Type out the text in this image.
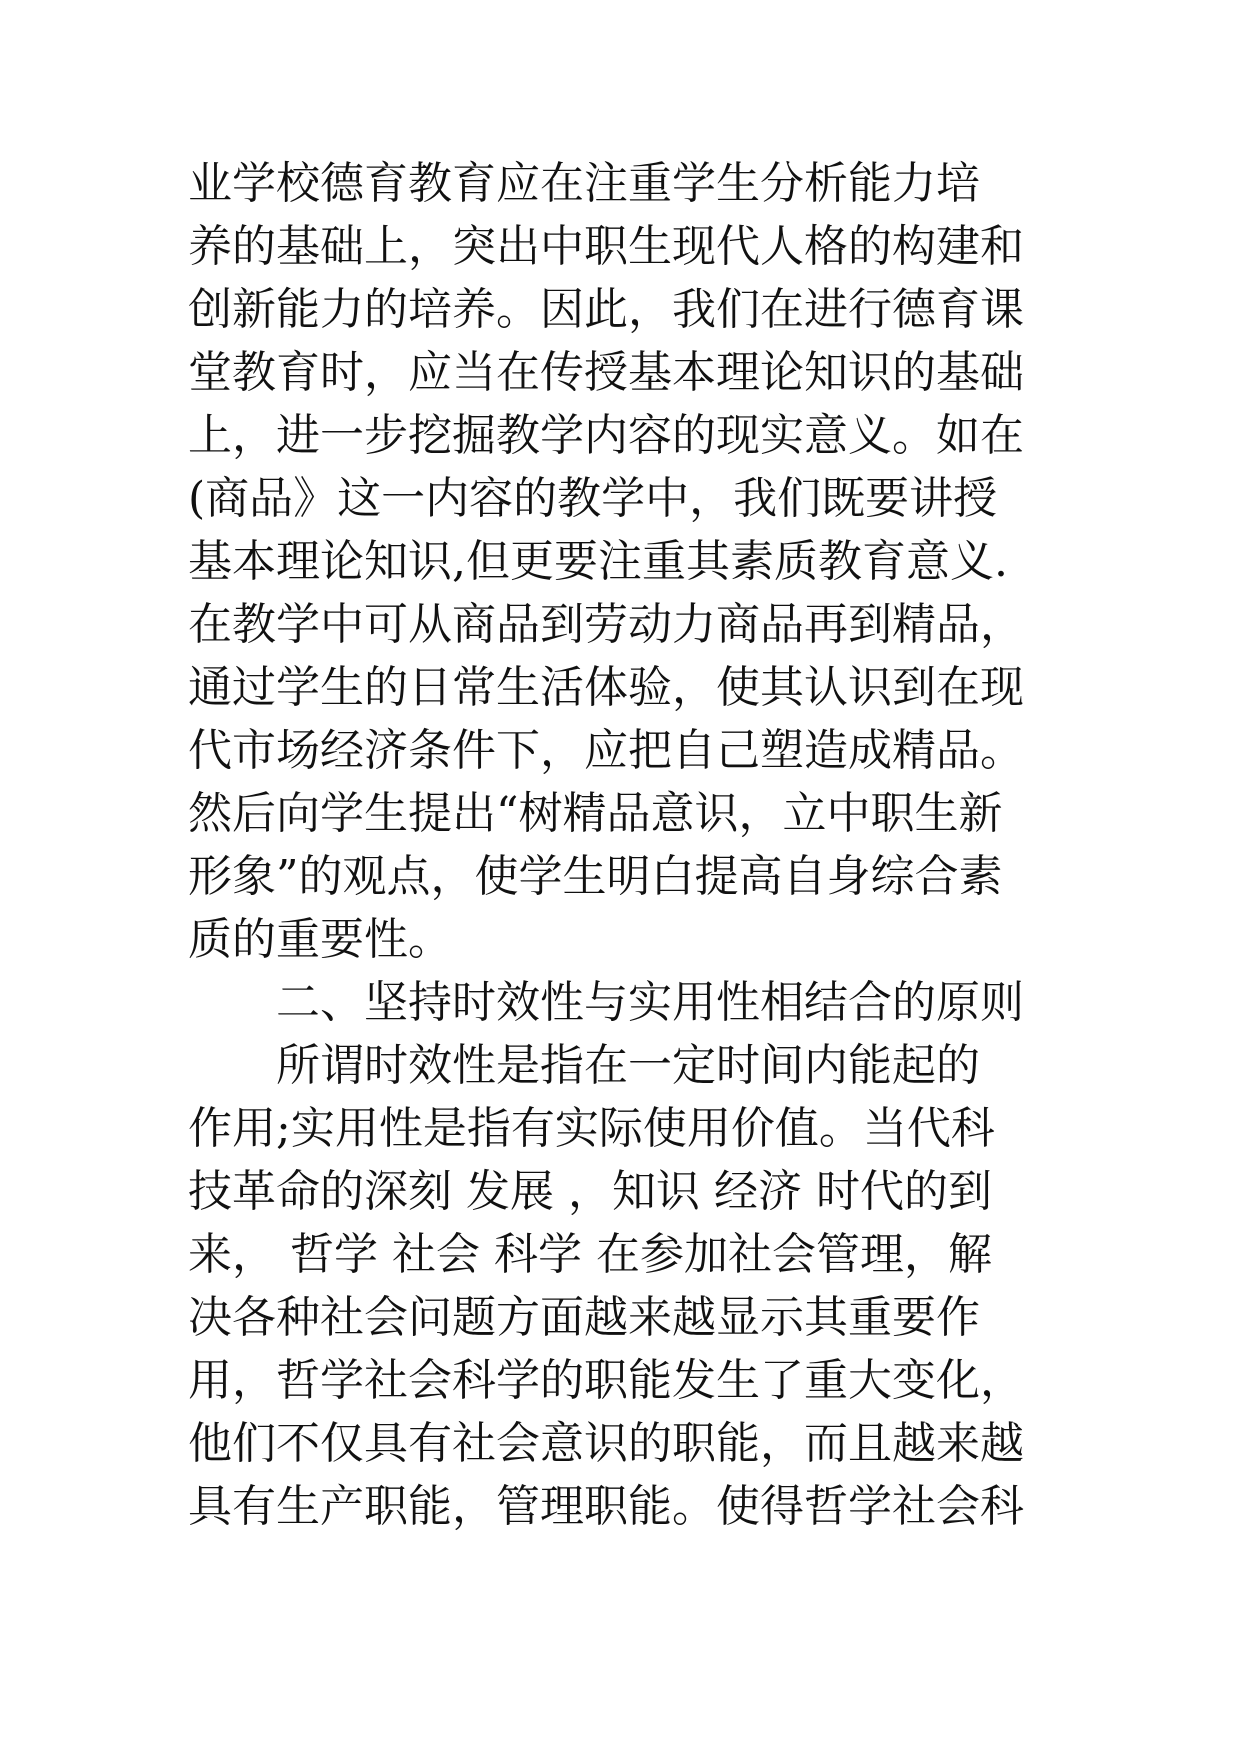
业学校德育教育应在注重学生分析能力培
养的基础上，突出中职生现代人格的构建和
创新能力的培养。因此，我们在进行德育课
堂教育时，应当在传授基本理论知识的基础
上，进一步挖掘教学内容的现实意义。如在
(商品》这一内容的教学中，我们既要讲授
基本理论知识,但更要注重其素质教育意义.
在教学中可从商品到劳动力商品再到精品，
通过学生的日常生活体验，使其认识到在现
代市场经济条件下，应把自己塑造成精品。
然后向学生提出“树精品意识，立中职生新
形象”的观点，使学生明白提高自身综合素
质的重要性。
二、坚持时效性与实用性相结合的原则
所谓时效性是指在一定时间内能起的
作用;实用性是指有实际使用价值。当代科
技革命的深刻 发展 ，知识 经济 时代的到
来， 哲学 社会 科学 在参加社会管理，解
决各种社会问题方面越来越显示其重要作
用，哲学社会科学的职能发生了重大变化，
他们不仅具有社会意识的职能，而且越来越
具有生产职能，管理职能。使得哲学社会科
